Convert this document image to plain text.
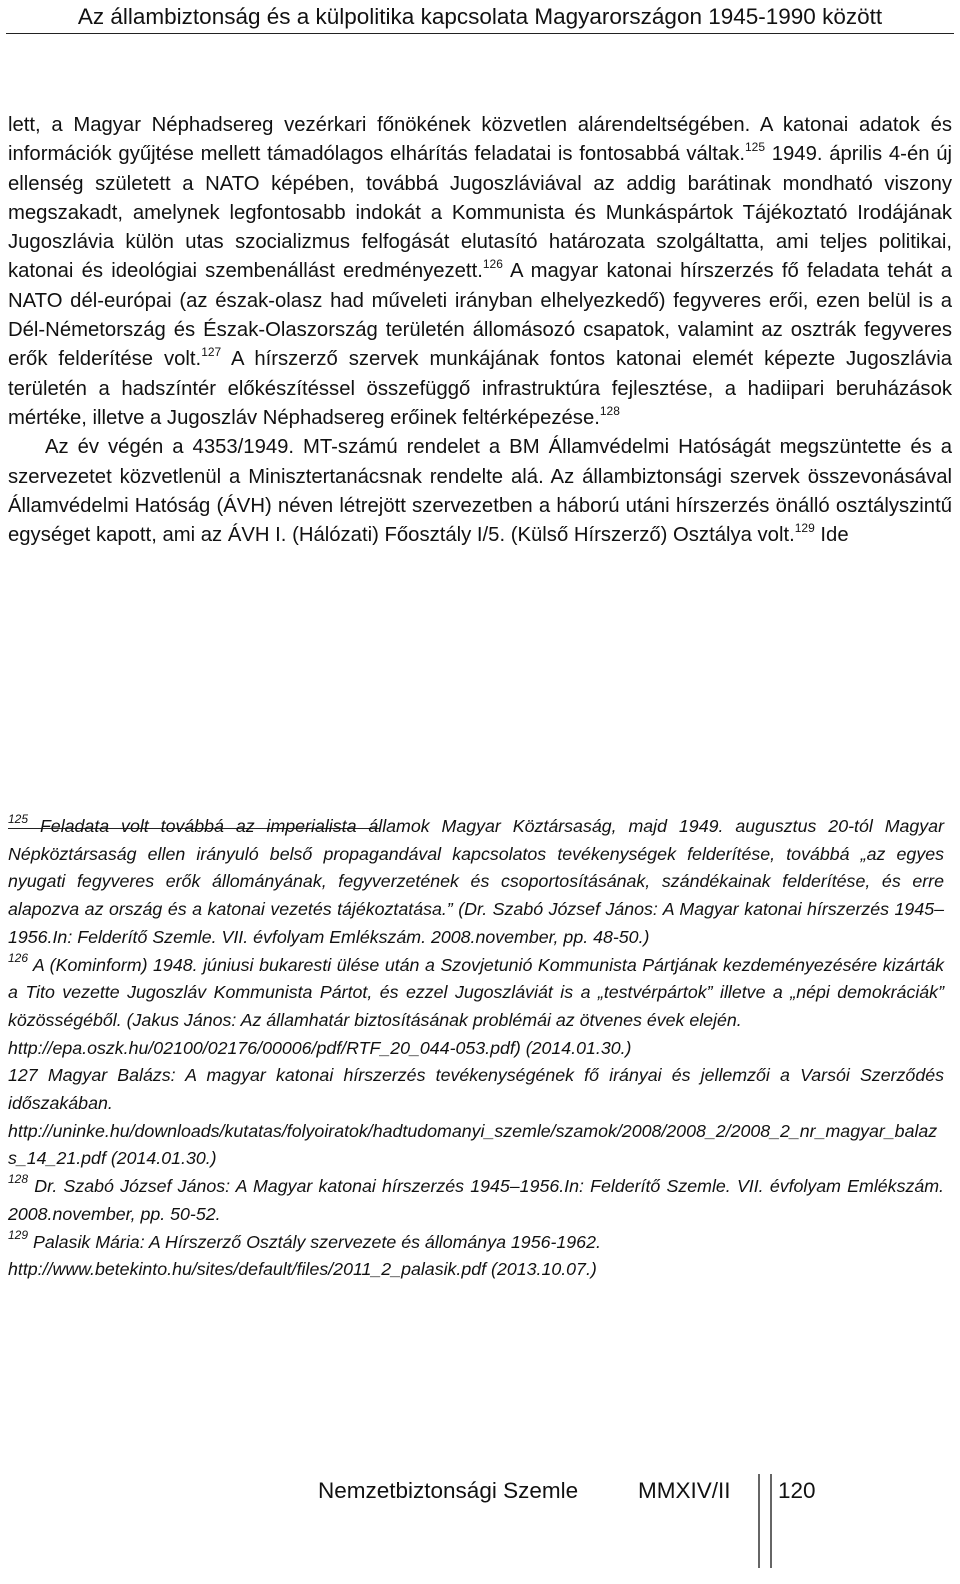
Az állambiztonság és a külpolitika kapcsolata Magyarországon 1945-1990 között

lett, a Magyar Néphadsereg vezérkari főnökének közvetlen alárendeltségében. A katonai adatok és információk gyűjtése mellett támadólagos elhárítás feladatai is fontosabbá váltak.$^{125}$ 1949. április 4-én új ellenség született a NATO képében, továbbá Jugoszláviával az addig barátinak mondható viszony megszakadt, amelynek legfontosabb indokát a Kommunista és Munkáspártok Tájékoztató Irodájának Jugoszlávia külön utas szocializmus felfogását elutasító határozata szolgáltatta, ami teljes politikai, katonai és ideológiai szembenállást eredményezett.$^{126}$ A magyar katonai hírszerzés fő feladata tehát a NATO dél-európai (az észak-olasz had műveleti irányban elhelyezkedő) fegyveres erői, ezen belül is a Dél-Németország és Észak-Olaszország területén állomásozó csapatok, valamint az osztrák fegyveres erők felderítése volt.$^{127}$ A hírszerző szervek munkájának fontos katonai elemét képezte Jugoszlávia területén a hadszíntér előkészítéssel összefüggő infrastruktúra fejlesztése, a hadiipari beruházások mértéke, illetve a Jugoszláv Néphadsereg erőinek feltérképezése.$^{128}$

Az év végén a 4353/1949. MT-számú rendelet a BM Államvédelmi Hatóságát megszüntette és a szervezetet közvetlenül a Minisztertanácsnak rendelte alá. Az állambiztonsági szervek összevonásával Államvédelmi Hatóság (ÁVH) néven létrejött szervezetben a háború utáni hírszerzés önálló osztályszintű egységet kapott, ami az ÁVH I. (Hálózati) Főosztály I/5. (Külső Hírszerző) Osztálya volt.$^{129}$ Ide

$^{125}$ Feladata volt továbbá az imperialista államok Magyar Köztársaság, majd 1949. augusztus 20-tól Magyar Népköztársaság ellen irányuló belső propagandával kapcsolatos tevékenységek felderítése, továbbá „az egyes nyugati fegyveres erők állományának, fegyverzetének és csoportosításának, szándékainak felderítése, és erre alapozva az ország és a katonai vezetés tájékoztatása.” (Dr. Szabó József János: A Magyar katonai hírszerzés 1945–1956.In: Felderítő Szemle. VII. évfolyam Emlékszám. 2008.november, pp. 48-50.)

$^{126}$ A (Kominform) 1948. júniusi bukaresti ülése után a Szovjetunió Kommunista Pártjának kezdeményezésére kizárták a Tito vezette Jugoszláv Kommunista Pártot, és ezzel Jugoszláviát is a „testvérpártok” illetve a „népi demokráciák” közösségéből. (Jakus János: Az államhatár biztosításának problémái az ötvenes évek elején.
http://epa.oszk.hu/02100/02176/00006/pdf/RTF_20_044-053.pdf) (2014.01.30.)

127 Magyar Balázs: A magyar katonai hírszerzés tevékenységének fő irányai és jellemzői a Varsói Szerződés időszakában.
http://uninke.hu/downloads/kutatas/folyoiratok/hadtudomanyi_szemle/szamok/2008/2008_2/2008_2_nr_magyar_balazs_14_21.pdf (2014.01.30.)

$^{128}$ Dr. Szabó József János: A Magyar katonai hírszerzés 1945–1956.In: Felderítő Szemle. VII. évfolyam Emlékszám. 2008.november, pp. 50-52.

$^{129}$ Palasik Mária: A Hírszerző Osztály szervezete és állománya 1956-1962.
http://www.betekinto.hu/sites/default/files/2011_2_palasik.pdf (2013.10.07.)

Nemzetbiztonsági Szemle	MMXIV/II 120
